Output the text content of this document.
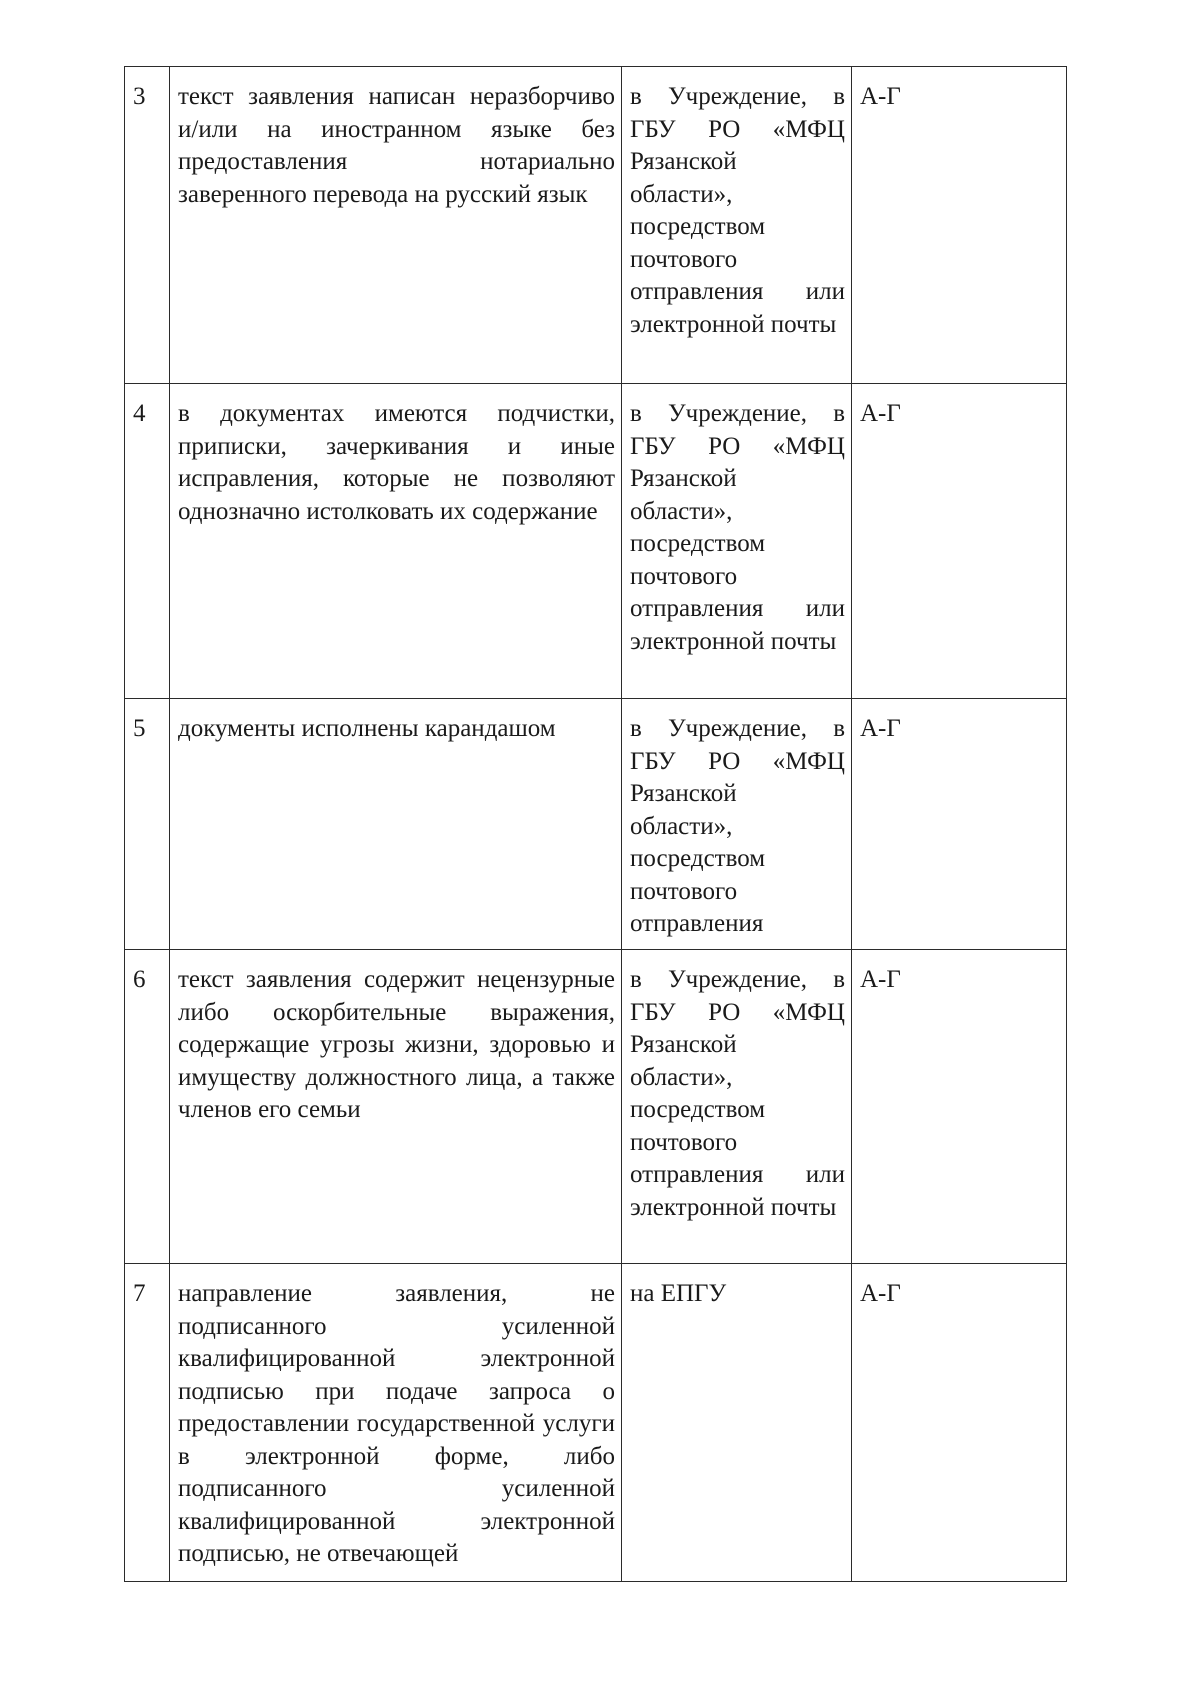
3	текст заявления написан неразборчиво и/или на иностранном языке без предоставления нотариально заверенного перевода на русский язык	в Учреждение, в ГБУ РО «МФЦ Рязанской области», посредством почтового отправления или электронной почты	А-Г
4	в документах имеются подчистки, приписки, зачеркивания и иные исправления, которые не позволяют однозначно истолковать их содержание	в Учреждение, в ГБУ РО «МФЦ Рязанской области», посредством почтового отправления или электронной почты	А-Г
5	документы исполнены карандашом	в Учреждение, в ГБУ РО «МФЦ Рязанской области», посредством почтового отправления	А-Г
6	текст заявления содержит нецензурные либо оскорбительные выражения, содержащие угрозы жизни, здоровью и имуществу должностного лица, а также членов его семьи	в Учреждение, в ГБУ РО «МФЦ Рязанской области», посредством почтового отправления или электронной почты	А-Г
7	направление заявления, не подписанного усиленной квалифицированной электронной подписью при подаче запроса о предоставлении государственной услуги в электронной форме, либо подписанного усиленной квалифицированной электронной подписью, не отвечающей	на ЕПГУ	А-Г
